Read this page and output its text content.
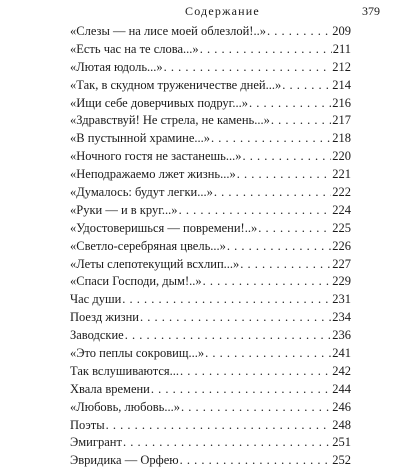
Содержание	379
«Слезы — на лисе моей облезлой!..» . . .	209
«Есть час на те слова...» . . .	211
«Лютая юдоль...» . . .	212
«Так, в скудном труженичестве дней...» . . .	214
«Ищи себе доверчивых подруг...» . . .	216
«Здравствуй! Не стрела, не камень...» . . .	217
«В пустынной храмине...» . . .	218
«Ночного гостя не застанешь...» . . .	220
«Неподражаемо лжет жизнь...» . . .	221
«Думалось: будут легки...» . . .	222
«Руки — и в круг...» . . .	224
«Удостоверишься — повремени!..» . . .	225
«Светло-серебряная цвель...» . . .	226
«Леты слепотекущий всхлип...» . . .	227
«Спаси Господи, дым!..» . . .	229
Час души . . .	231
Поезд жизни . . .	234
Заводские . . .	236
«Это пеплы сокровищ...» . . .	241
Так вслушиваются... . . .	242
Хвала времени . . .	244
«Любовь, любовь...» . . .	246
Поэты . . .	248
Эмигрант . . .	251
Эвридика — Орфею . . .	252
